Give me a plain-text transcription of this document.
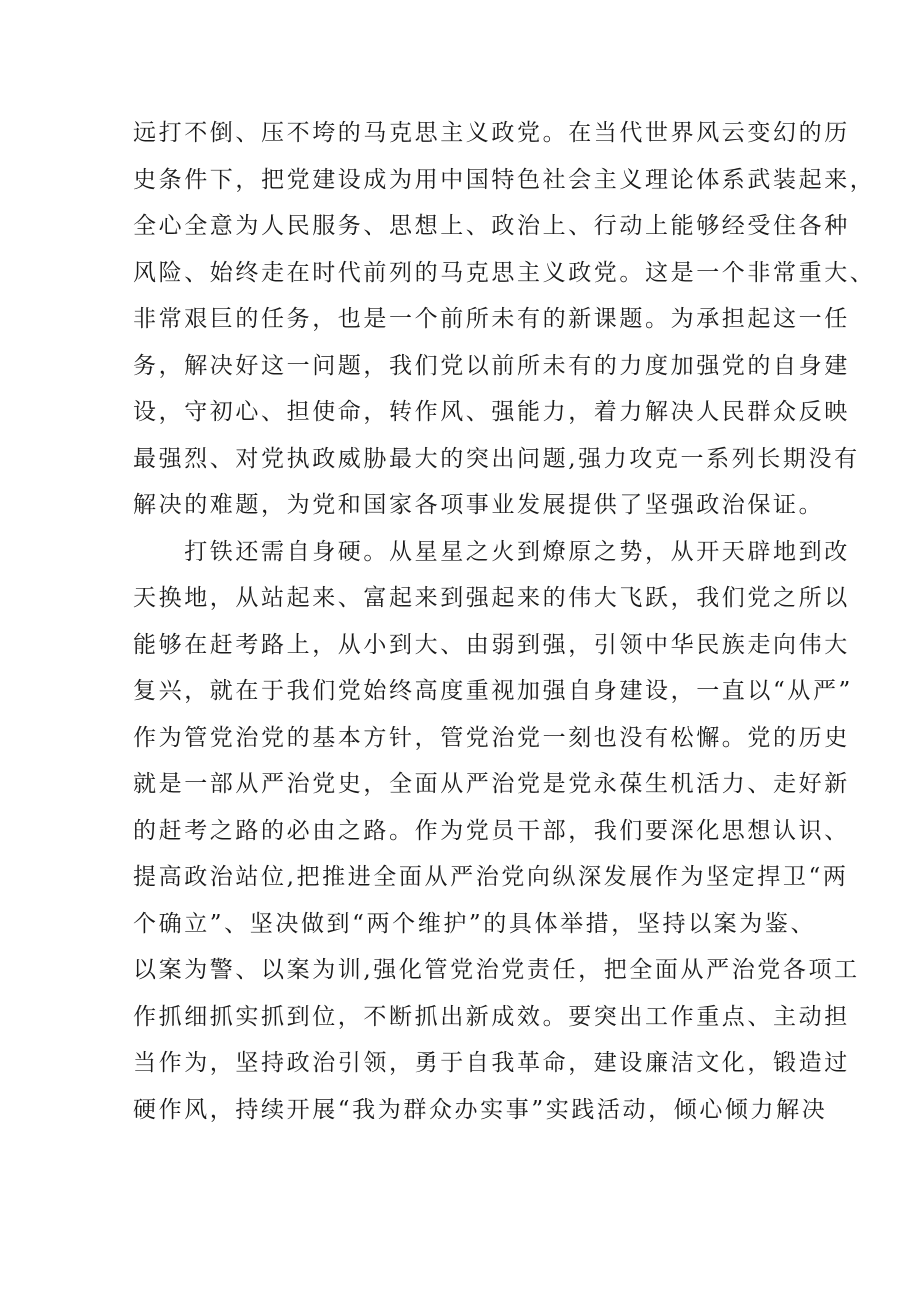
远打不倒、压不垮的马克思主义政党。在当代世界风云变幻的历
史条件下，把党建设成为用中国特色社会主义理论体系武装起来，
全心全意为人民服务、思想上、政治上、行动上能够经受住各种
风险、始终走在时代前列的马克思主义政党。这是一个非常重大、
非常艰巨的任务，也是一个前所未有的新课题。为承担起这一任
务，解决好这一问题，我们党以前所未有的力度加强党的自身建
设，守初心、担使命，转作风、强能力，着力解决人民群众反映
最强烈、对党执政威胁最大的突出问题,强力攻克一系列长期没有
解决的难题，为党和国家各项事业发展提供了坚强政治保证。
　　打铁还需自身硬。从星星之火到燎原之势，从开天辟地到改
天换地，从站起来、富起来到强起来的伟大飞跃，我们党之所以
能够在赶考路上，从小到大、由弱到强，引领中华民族走向伟大
复兴，就在于我们党始终高度重视加强自身建设，一直以“从严”
作为管党治党的基本方针，管党治党一刻也没有松懈。党的历史
就是一部从严治党史，全面从严治党是党永葆生机活力、走好新
的赶考之路的必由之路。作为党员干部，我们要深化思想认识、
提高政治站位,把推进全面从严治党向纵深发展作为坚定捍卫“两
个确立”、坚决做到“两个维护”的具体举措，坚持以案为鉴、
以案为警、以案为训,强化管党治党责任，把全面从严治党各项工
作抓细抓实抓到位，不断抓出新成效。要突出工作重点、主动担
当作为，坚持政治引领，勇于自我革命，建设廉洁文化，锻造过
硬作风，持续开展“我为群众办实事”实践活动，倾心倾力解决
